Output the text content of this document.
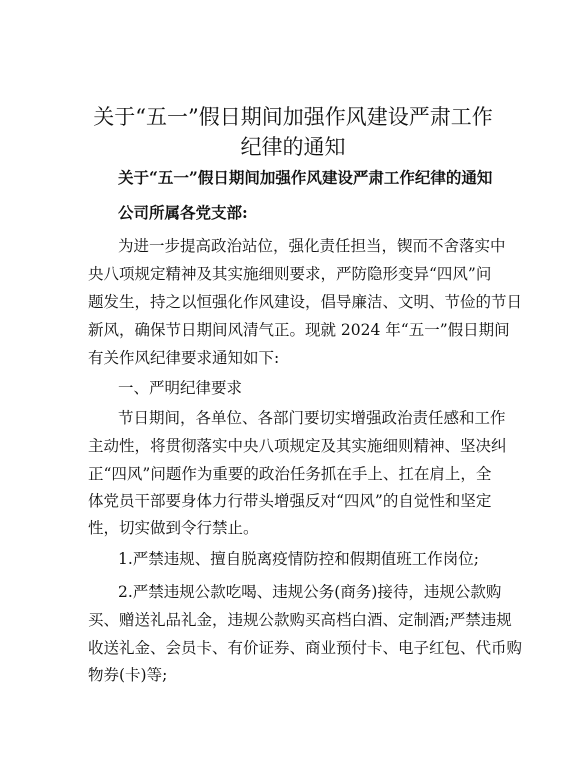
关于“五一”假日期间加强作风建设严肃工作
纪律的通知
关于“五一”假日期间加强作风建设严肃工作纪律的通知
公司所属各党支部:
为进一步提高政治站位，强化责任担当，锲而不舍落实中
央八项规定精神及其实施细则要求，严防隐形变异“四风”问
题发生，持之以恒强化作风建设，倡导廉洁、文明、节俭的节日
新风，确保节日期间风清气正。现就 2024 年“五一”假日期间
有关作风纪律要求通知如下:
一、严明纪律要求
节日期间，各单位、各部门要切实增强政治责任感和工作
主动性，将贯彻落实中央八项规定及其实施细则精神、坚决纠
正“四风”问题作为重要的政治任务抓在手上、扛在肩上，全
体党员干部要身体力行带头增强反对“四风”的自觉性和坚定
性，切实做到令行禁止。
1.严禁违规、擅自脱离疫情防控和假期值班工作岗位;
2.严禁违规公款吃喝、违规公务(商务)接待，违规公款购
买、赠送礼品礼金，违规公款购买高档白酒、定制酒;严禁违规
收送礼金、会员卡、有价证券、商业预付卡、电子红包、代币购
物券(卡)等;
